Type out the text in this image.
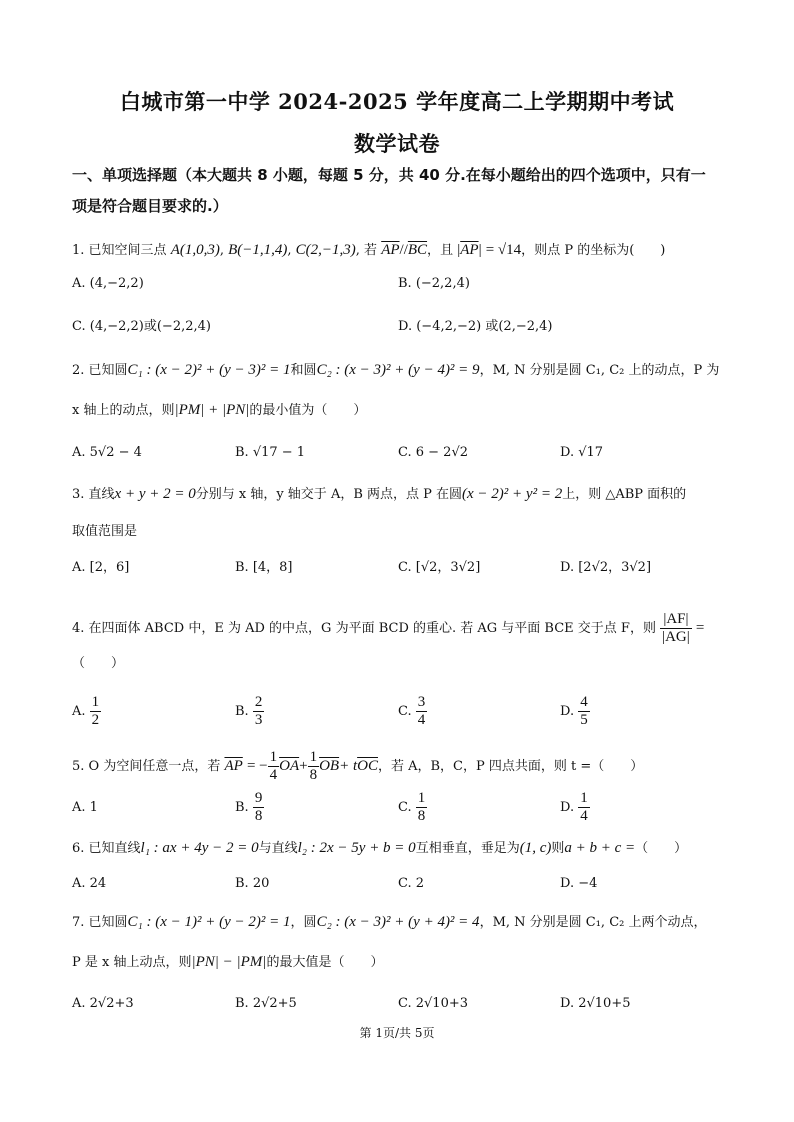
白城市第一中学 2024-2025 学年度高二上学期期中考试
数学试卷
一、单项选择题（本大题共 8 小题，每题 5 分，共 40 分.在每小题给出的四个选项中，只有一
项是符合题目要求的.）
1. 已知空间三点 A(1,0,3), B(−1,1,4), C(2,−1,3), 若 $\overline{AP}//\overline{BC}$，且 $|\overline{AP}| = √14$，则点 P 的坐标为(　　)
A. (4,−2,2)	B. (−2,2,4)
C. (4,−2,2)或(−2,2,4)	D. (−4,2,−2) 或(2,−2,4)
2. 已知圆C₁ : (x − 2)² + (y − 3)² = 1和圆C₂ : (x − 3)² + (y − 4)² = 9，M, N 分别是圆 C₁, C₂ 上的动点，P 为
x 轴上的动点，则|PM| + |PN|的最小值为（　　）
A. 5√2 − 4	B. √17 − 1	C. 6 − 2√2	D. √17
3. 直线x + y + 2 = 0分别与 x 轴，y 轴交于 A，B 两点，点 P 在圆(x − 2)² + y² = 2上，则 △ABP 面积的
取值范围是
A. [2，6]	B. [4，8]	C. [√2，3√2]	D. [2√2，3√2]
4. 在四面体 ABCD 中，E 为 AD 的中点，G 为平面 BCD 的重心. 若 AG 与平面 BCE 交于点 F，则 $\frac{|AF|}{|AG|}$ =
（　　）
A. $\frac{1}{2}$	B. $\frac{2}{3}$	C. $\frac{3}{4}$	D. $\frac{4}{5}$
5. O 为空间任意一点，若 $\overline{AP}$ = − $\frac{1}{4} \overline{OA}+ \frac{1}{8} \overline{OB}+ t\overline{OC}$，若 A，B，C，P 四点共面，则 t =（　　）
A. 1	B. $\frac{9}{8}$	C. $\frac{1}{8}$	D. $\frac{1}{4}$
6. 已知直线l₁ : ax + 4y − 2 = 0与直线l₂ : 2x − 5y + b = 0互相垂直，垂足为(1, c)则a + b + c =（　　）
A. 24	B. 20	C. 2	D. −4
7. 已知圆C₁ : (x − 1)² + (y − 2)² = 1，圆C₂ : (x − 3)² + (y + 4)² = 4，M, N 分别是圆 C₁, C₂ 上两个动点，
P 是 x 轴上动点，则|PN| − |PM|的最大值是（　　）
A. 2√2+3	B. 2√2+5	C. 2√10+3	D. 2√10+5
第 1页/共 5页
